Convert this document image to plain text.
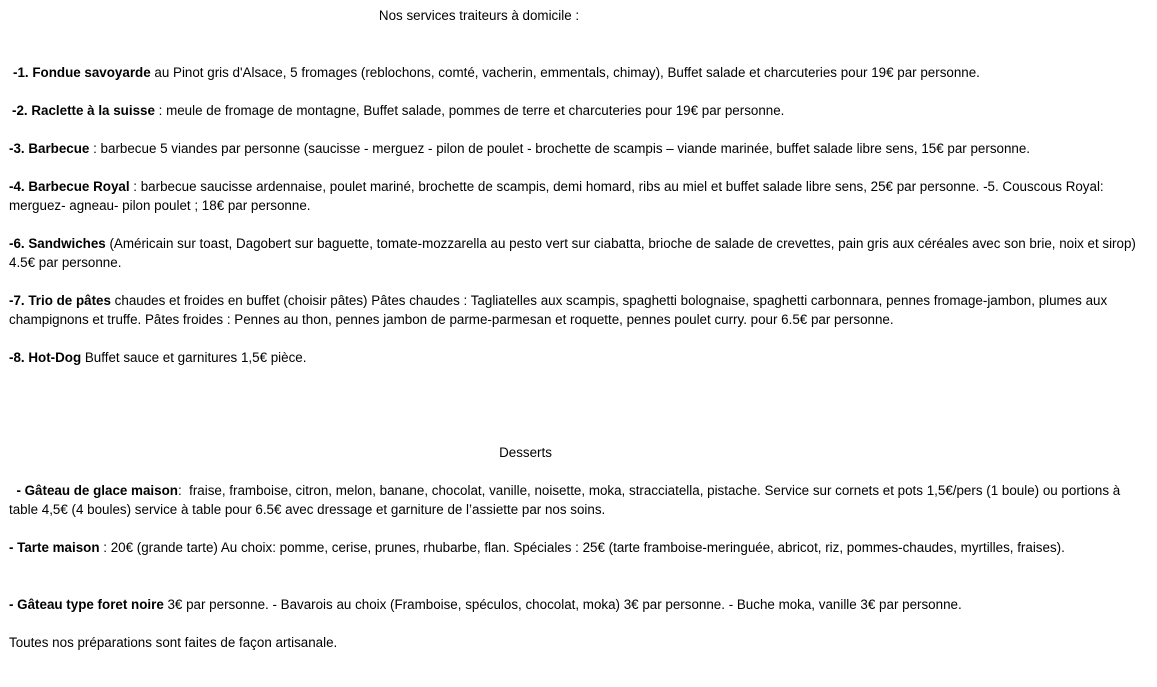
Nos services traiteurs à domicile :
-1. Fondue savoyarde au Pinot gris d'Alsace, 5 fromages (reblochons, comté, vacherin, emmentals, chimay), Buffet salade et charcuteries pour 19€ par personne.
-2. Raclette à la suisse : meule de fromage de montagne, Buffet salade, pommes de terre et charcuteries pour 19€ par personne.
-3. Barbecue : barbecue 5 viandes par personne (saucisse - merguez - pilon de poulet - brochette de scampis – viande marinée, buffet salade libre sens, 15€ par personne.
-4. Barbecue Royal : barbecue saucisse ardennaise, poulet mariné, brochette de scampis, demi homard, ribs au miel et buffet salade libre sens, 25€ par personne. -5. Couscous Royal: merguez- agneau- pilon poulet ; 18€ par personne.
-6. Sandwiches (Américain sur toast, Dagobert sur baguette, tomate-mozzarella au pesto vert sur ciabatta, brioche de salade de crevettes, pain gris aux céréales avec son brie, noix et sirop) 4.5€ par personne.
-7. Trio de pâtes chaudes et froides en buffet (choisir pâtes) Pâtes chaudes : Tagliatelles aux scampis, spaghetti bolognaise, spaghetti carbonnara, pennes fromage-jambon, plumes aux champignons et truffe. Pâtes froides : Pennes au thon, pennes jambon de parme-parmesan et roquette, pennes poulet curry. pour 6.5€ par personne.
-8. Hot-Dog Buffet sauce et garnitures 1,5€ pièce.
Desserts
- Gâteau de glace maison:  fraise, framboise, citron, melon, banane, chocolat, vanille, noisette, moka, stracciatella, pistache. Service sur cornets et pots 1,5€/pers (1 boule) ou portions à table 4,5€ (4 boules) service à table pour 6.5€ avec dressage et garniture de l’assiette par nos soins.
- Tarte maison : 20€ (grande tarte) Au choix: pomme, cerise, prunes, rhubarbe, flan. Spéciales : 25€ (tarte framboise-meringuée, abricot, riz, pommes-chaudes, myrtilles, fraises).
- Gâteau type foret noire 3€ par personne. - Bavarois au choix (Framboise, spéculos, chocolat, moka) 3€ par personne. - Buche moka, vanille 3€ par personne.
Toutes nos préparations sont faites de façon artisanale.
